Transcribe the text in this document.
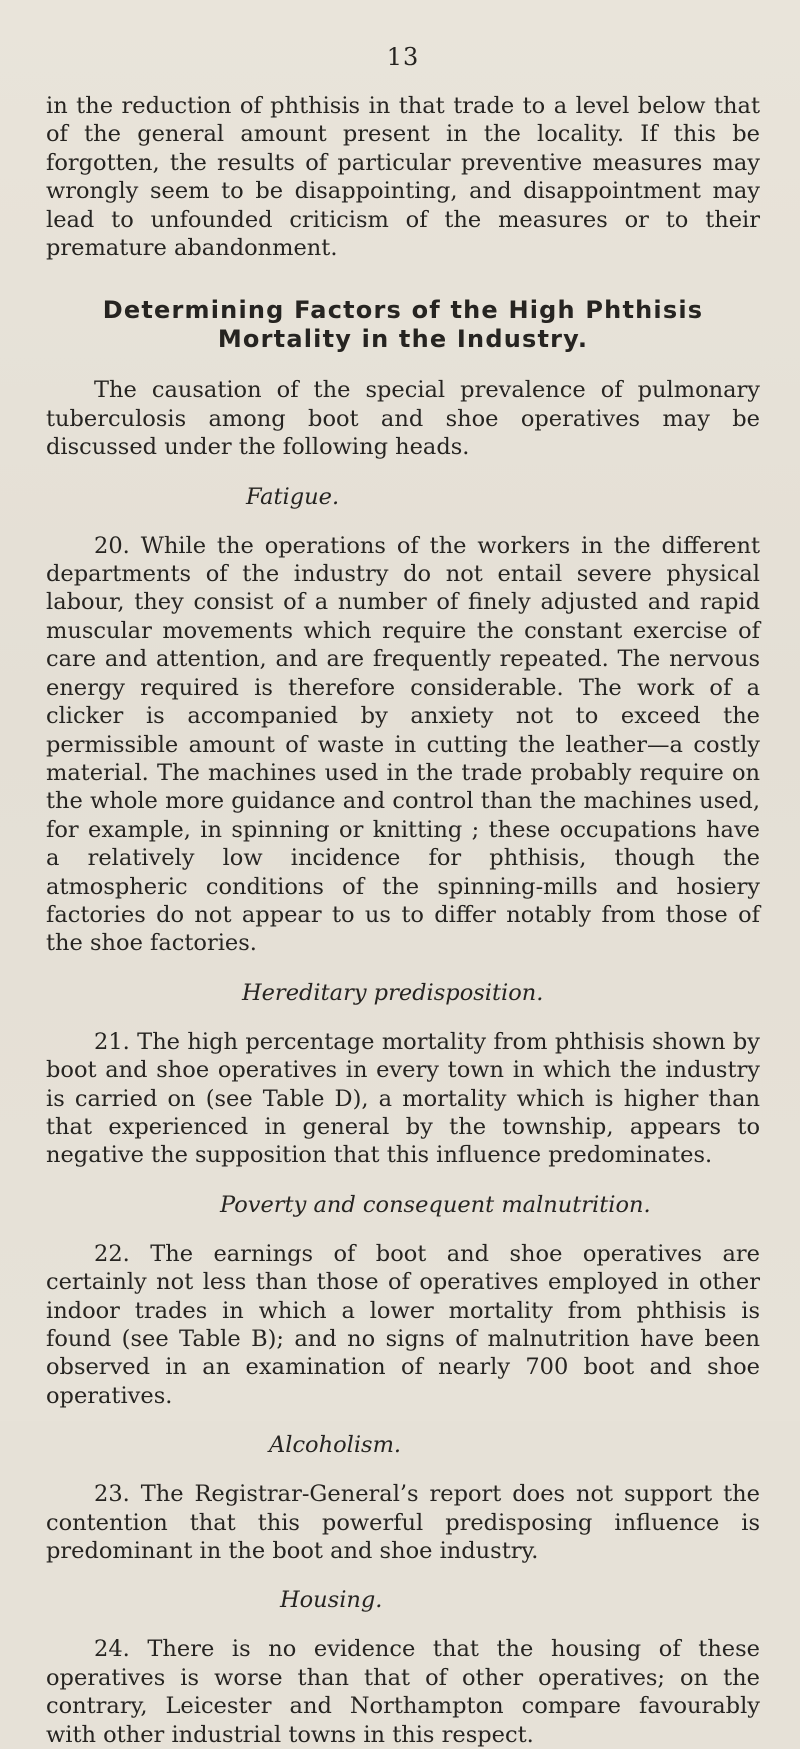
13

in the reduction of phthisis in that trade to a level below that of the general amount present in the locality. If this be forgotten, the results of particular preventive measures may wrongly seem to be disappointing, and disappointment may lead to unfounded criticism of the measures or to their premature abandonment.

Determining Factors of the High Phthisis Mortality in the Industry.

The causation of the special prevalence of pulmonary tuberculosis among boot and shoe operatives may be discussed under the following heads.

Fatigue.

20. While the operations of the workers in the different departments of the industry do not entail severe physical labour, they consist of a number of finely adjusted and rapid muscular movements which require the constant exercise of care and attention, and are frequently repeated. The nervous energy required is therefore considerable. The work of a clicker is accompanied by anxiety not to exceed the permissible amount of waste in cutting the leather—a costly material. The machines used in the trade probably require on the whole more guidance and control than the machines used, for example, in spinning or knitting ; these occupations have a relatively low incidence for phthisis, though the atmospheric conditions of the spinning-mills and hosiery factories do not appear to us to differ notably from those of the shoe factories.

Hereditary predisposition.

21. The high percentage mortality from phthisis shown by boot and shoe operatives in every town in which the industry is carried on (see Table D), a mortality which is higher than that experienced in general by the township, appears to negative the supposition that this influence predominates.

Poverty and consequent malnutrition.

22. The earnings of boot and shoe operatives are certainly not less than those of operatives employed in other indoor trades in which a lower mortality from phthisis is found (see Table B); and no signs of malnutrition have been observed in an examination of nearly 700 boot and shoe operatives.

Alcoholism.

23. The Registrar-General’s report does not support the contention that this powerful predisposing influence is predominant in the boot and shoe industry.

Housing.

24. There is no evidence that the housing of these operatives is worse than that of other operatives; on the contrary, Leicester and Northampton compare favourably with other industrial towns in this respect.
